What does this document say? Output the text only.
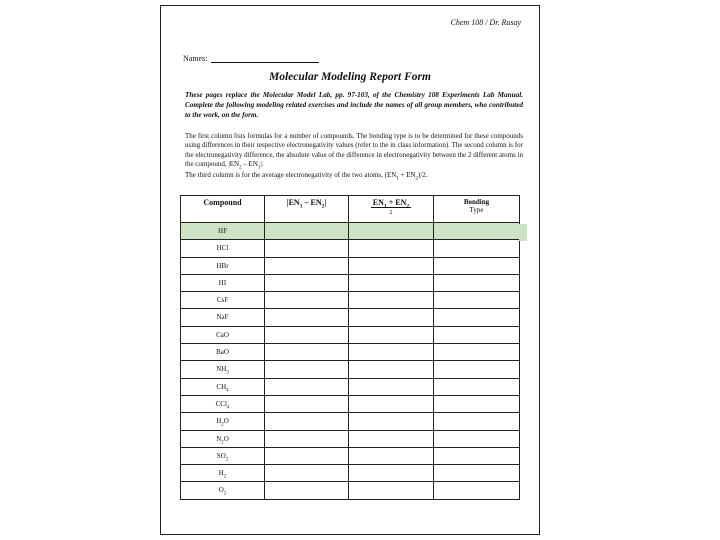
Chem 108 / Dr. Rusay
Names:
Molecular Modeling Report Form
These pages replace the Molecular Model Lab, pp. 97-103, of the Chemistry 108 Experiments Lab Manual. Complete the following modeling related exercises and include the names of all group members, who contributed to the work, on the form.
The first column lists formulas for a number of compounds. The bonding type is to be determined for these compounds using differences in their respective electronegativity values (refer to the in class information). The second column is for the electronegativity difference, the absolute value of the difference in electronegativity between the 2 different atoms in the compound, $|EN_2 - EN_1|$.
The third column is for the average electronegativity of the two atoms, $(EN_1 + EN_2)/2$.
Compound	$|EN_1 - EN_2|$	$\frac{EN_1 + EN_2}{2}$	Bonding
Type

HF			
HCl			
HBr			
HI			
CsF			
NaF			
CaO			
BaO			
$NH_3$			
$CH_4$			
CCl$_4$			
$H_2O$			
$N_2O$			
$SO_2$			
$H_2$			
$O_2$			
